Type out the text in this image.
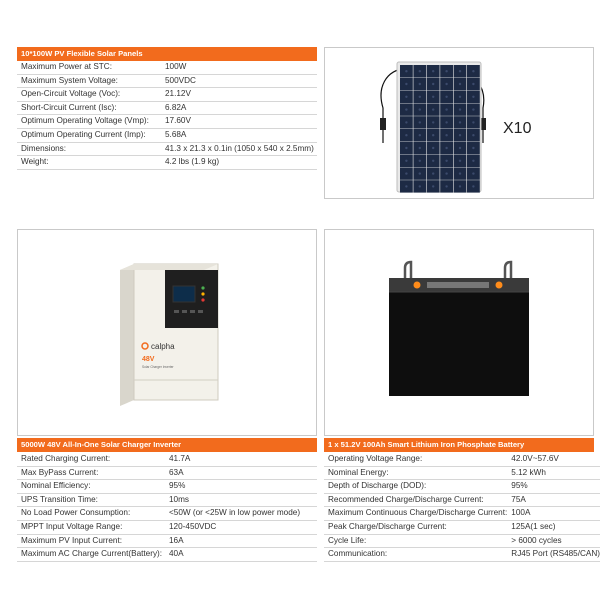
10*100W PV Flexible Solar Panels
Maximum Power at STC:	100W
Maximum System Voltage:	500VDC
Open-Circuit Voltage (Voc):	21.12V
Short-Circuit Current (Isc):	6.82A
Optimum Operating Voltage (Vmp):	17.60V
Optimum Operating Current (Imp):	5.68A
Dimensions:	41.3 x 21.3 x 0.1in (1050 x 540 x 2.5mm)
Weight:	4.2 lbs (1.9 kg)
X10
calpha
48V
Solar Charger Inverter
5000W 48V All-In-One Solar Charger Inverter
Rated Charging Current:	41.7A
Max ByPass Current:	63A
Nominal Efficiency:	95%
UPS Transition Time:	10ms
No Load Power Consumption:	<50W (or <25W in low power mode)
MPPT Input Voltage Range:	120-450VDC
Maximum PV Input Current:	16A
Maximum AC Charge Current(Battery):	40A
1 x 51.2V 100Ah Smart Lithium Iron Phosphate Battery
Operating Voltage Range:	42.0V~57.6V
Nominal Energy:	5.12 kWh
Depth of Discharge (DOD):	95%
Recommended Charge/Discharge Current:	75A
Maximum Continuous Charge/Discharge Current:	100A
Peak Charge/Discharge Current:	125A(1 sec)
Cycle Life:	> 6000 cycles
Communication:	RJ45 Port (RS485/CAN)
